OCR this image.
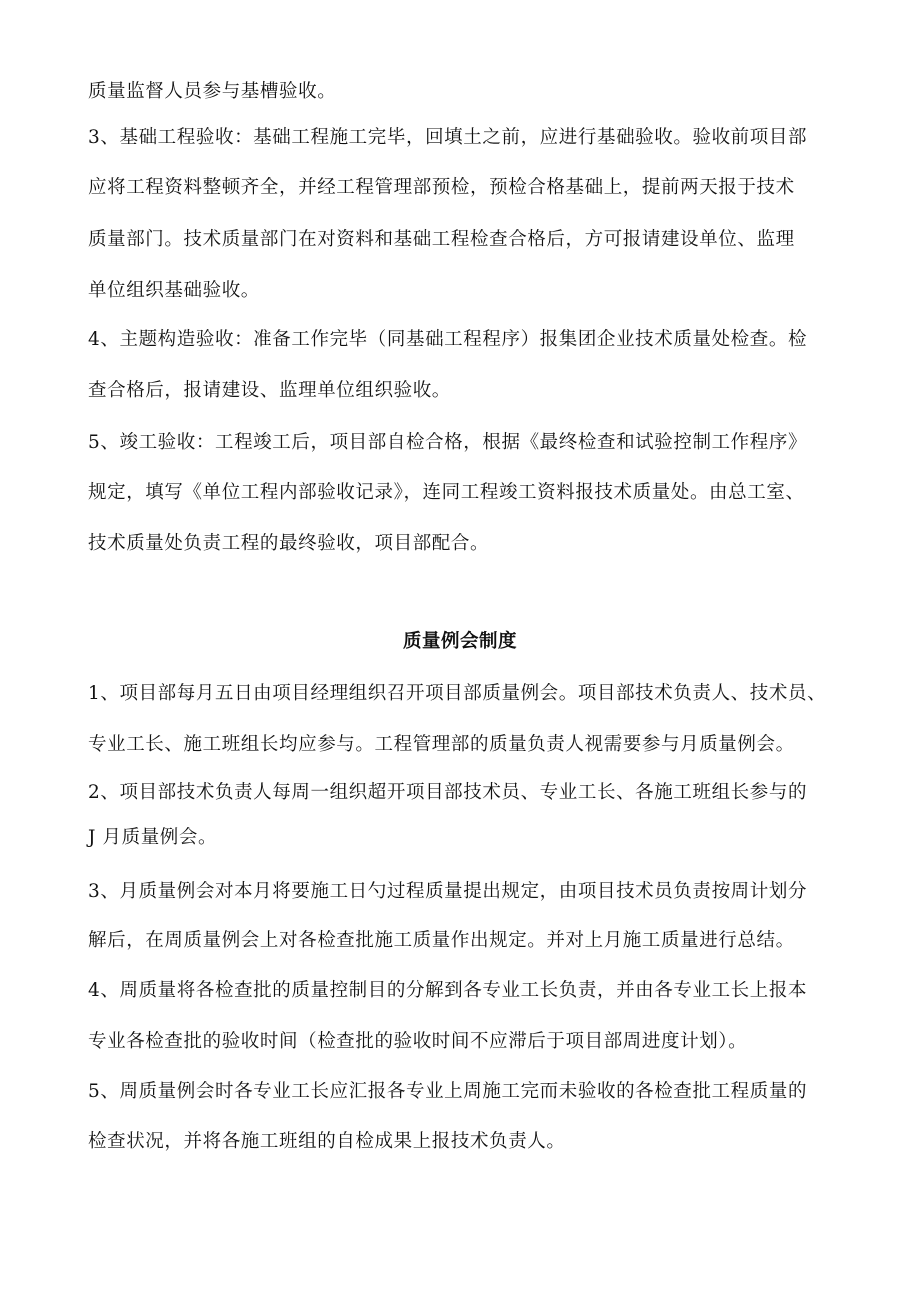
质量监督人员参与基槽验收。
3、基础工程验收：基础工程施工完毕，回填土之前，应进行基础验收。验收前项目部
应将工程资料整顿齐全，并经工程管理部预检，预检合格基础上，提前两天报于技术
质量部门。技术质量部门在对资料和基础工程检查合格后，方可报请建设单位、监理
单位组织基础验收。
4、主题构造验收：准备工作完毕（同基础工程程序）报集团企业技术质量处检查。检
查合格后，报请建设、监理单位组织验收。
5、竣工验收：工程竣工后，项目部自检合格，根据《最终检查和试验控制工作程序》
规定，填写《单位工程内部验收记录》，连同工程竣工资料报技术质量处。由总工室、
技术质量处负责工程的最终验收，项目部配合。
质量例会制度
1、项目部每月五日由项目经理组织召开项目部质量例会。项目部技术负责人、技术员、
专业工长、施工班组长均应参与。工程管理部的质量负责人视需要参与月质量例会。
2、项目部技术负责人每周一组织超开项目部技术员、专业工长、各施工班组长参与的
J 月质量例会。
3、月质量例会对本月将要施工日勺过程质量提出规定，由项目技术员负责按周计划分
解后，在周质量例会上对各检查批施工质量作出规定。并对上月施工质量进行总结。
4、周质量将各检查批的质量控制目的分解到各专业工长负责，并由各专业工长上报本
专业各检查批的验收时间（检查批的验收时间不应滞后于项目部周进度计划）。
5、周质量例会时各专业工长应汇报各专业上周施工完而未验收的各检查批工程质量的
检查状况，并将各施工班组的自检成果上报技术负责人。
